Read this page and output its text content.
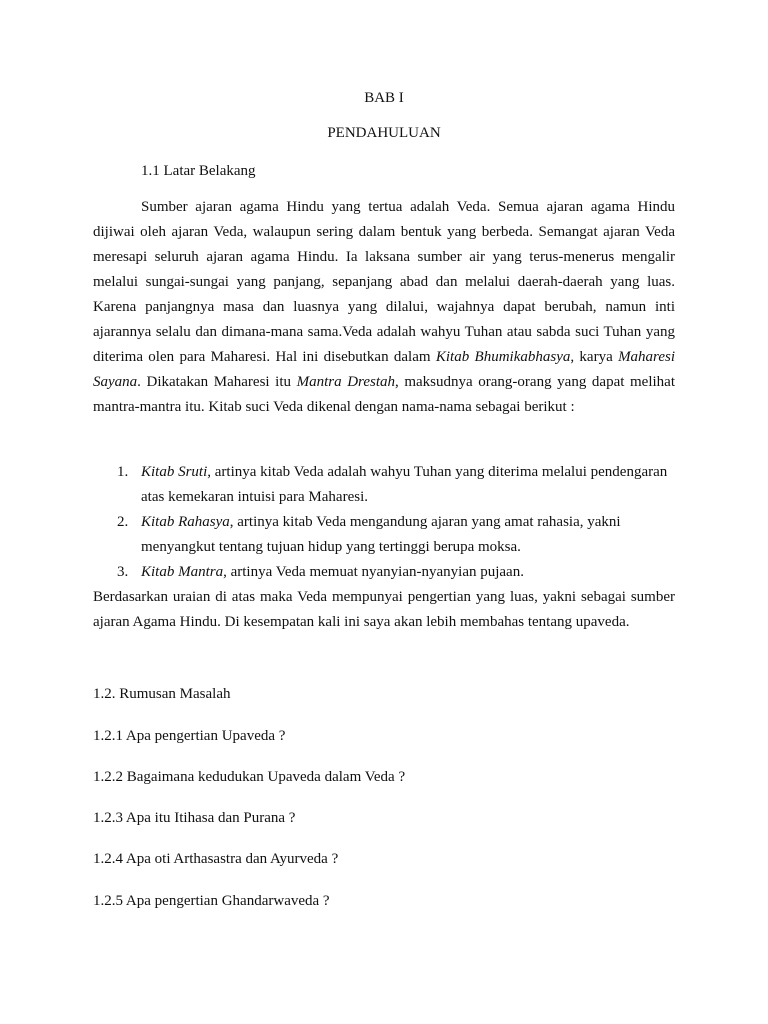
BAB I

PENDAHULUAN

1.1 Latar Belakang

Sumber ajaran agama Hindu yang tertua adalah Veda. Semua ajaran agama Hindu dijiwai oleh ajaran Veda, walaupun sering dalam bentuk yang berbeda. Semangat ajaran Veda meresapi seluruh ajaran agama Hindu. Ia laksana sumber air yang terus-menerus mengalir melalui sungai-sungai yang panjang, sepanjang abad dan melalui daerah-daerah yang luas. Karena panjangnya masa dan luasnya yang dilalui, wajahnya dapat berubah, namun inti ajarannya selalu dan dimana-mana sama.Veda adalah wahyu Tuhan atau sabda suci Tuhan yang diterima olen para Maharesi. Hal ini disebutkan dalam Kitab Bhumikabhasya, karya Maharesi Sayana. Dikatakan Maharesi itu Mantra Drestah, maksudnya orang-orang yang dapat melihat mantra-mantra itu. Kitab suci Veda dikenal dengan nama-nama sebagai berikut :

1. Kitab Sruti, artinya kitab Veda adalah wahyu Tuhan yang diterima melalui pendengaran atas kemekaran intuisi para Maharesi.
2. Kitab Rahasya, artinya kitab Veda mengandung ajaran yang amat rahasia, yakni menyangkut tentang tujuan hidup yang tertinggi berupa moksa.
3. Kitab Mantra, artinya Veda memuat nyanyian-nyanyian pujaan.

Berdasarkan uraian di atas maka Veda mempunyai pengertian yang luas, yakni sebagai sumber ajaran Agama Hindu. Di kesempatan kali ini saya akan lebih membahas tentang upaveda.

1.2. Rumusan Masalah

1.2.1 Apa pengertian Upaveda ?

1.2.2 Bagaimana kedudukan Upaveda dalam Veda ?

1.2.3 Apa itu Itihasa dan Purana ?

1.2.4 Apa oti Arthasastra dan Ayurveda ?

1.2.5 Apa pengertian Ghandarwaveda ?
